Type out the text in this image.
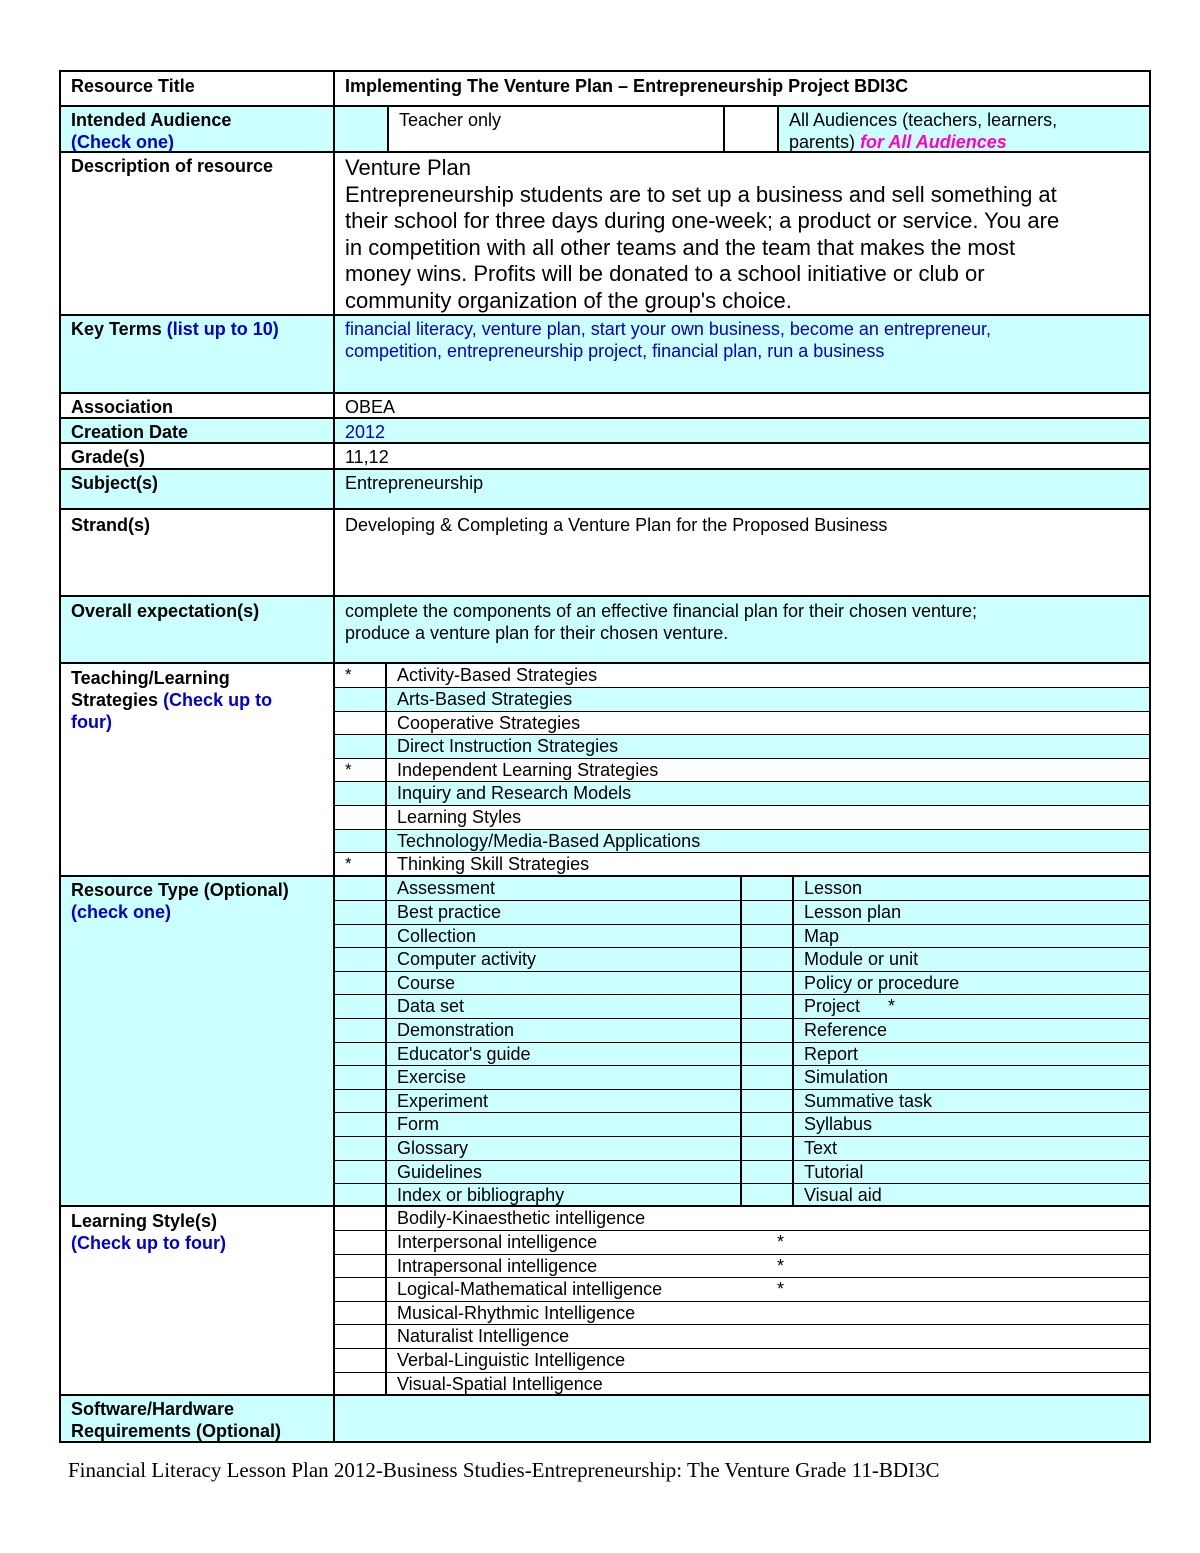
Resource Title	Implementing The Venture Plan – Entrepreneurship Project BDI3C
Intended Audience
(Check one)
Teacher only	All Audiences (teachers, learners,
parents) for All Audiences
Description of resource	Venture Plan
Entrepreneurship students are to set up a business and sell something at
their school for three days during one-week; a product or service. You are
in competition with all other teams and the team that makes the most
money wins. Profits will be donated to a school initiative or club or
community organization of the group's choice.
Key Terms (list up to 10)	financial literacy, venture plan, start your own business, become an entrepreneur,
competition, entrepreneurship project, financial plan, run a business
Association	OBEA
Creation Date	2012
Grade(s)	11,12
Subject(s)	Entrepreneurship
Strand(s)	Developing & Completing a Venture Plan for the Proposed Business
Overall expectation(s)	complete the components of an effective financial plan for their chosen venture;
produce a venture plan for their chosen venture.
Teaching/Learning
Strategies (Check up to
four)
*	Activity-Based Strategies
Arts-Based Strategies
Cooperative Strategies
Direct Instruction Strategies
*	Independent Learning Strategies
Inquiry and Research Models
Learning Styles
Technology/Media-Based Applications
*	Thinking Skill Strategies
Resource Type (Optional)
(check one)
Assessment	Lesson
Best practice	Lesson plan
Collection	Map
Computer activity	Module or unit
Course	Policy or procedure
Data set	Project *
Demonstration	Reference
Educator's guide	Report
Exercise	Simulation
Experiment	Summative task
Form	Syllabus
Glossary	Text
Guidelines	Tutorial
Index or bibliography	Visual aid
Learning Style(s)
(Check up to four)
Bodily-Kinaesthetic intelligence
Interpersonal intelligence	*
Intrapersonal intelligence	*
Logical-Mathematical intelligence	*
Musical-Rhythmic Intelligence
Naturalist Intelligence
Verbal-Linguistic Intelligence
Visual-Spatial Intelligence
Software/Hardware
Requirements (Optional)
Financial Literacy Lesson Plan 2012-Business Studies-Entrepreneurship: The Venture Grade 11-BDI3C
